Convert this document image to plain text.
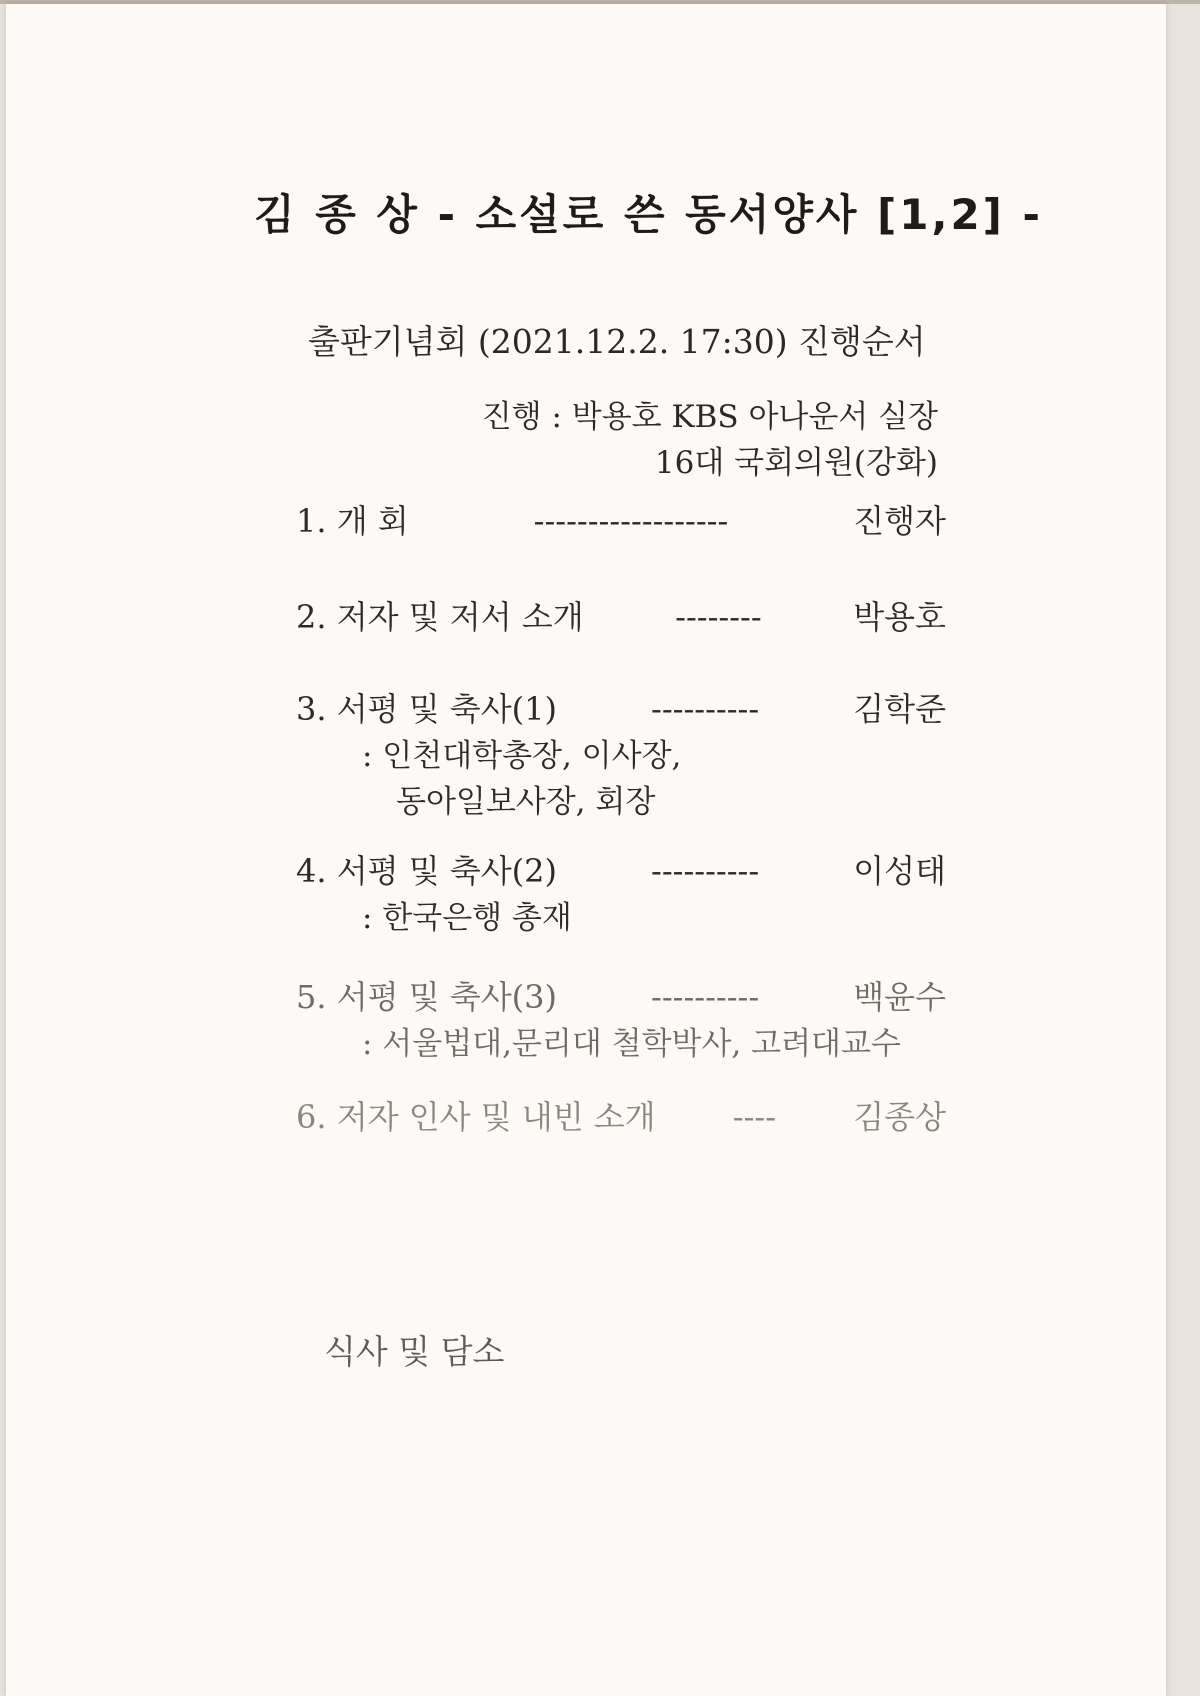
김 종 상 - 소설로 쓴 동서양사 [1,2] -
출판기념회 (2021.12.2. 17:30) 진행순서
진행 : 박용호 KBS 아나운서 실장
16대 국회의원(강화)
1. 개 회	------------------	진행자
2. 저자 및 저서 소개	--------	박용호
3. 서평 및 축사(1)	----------	김학준
: 인천대학총장, 이사장,
동아일보사장, 회장
4. 서평 및 축사(2)	----------	이성태
: 한국은행 총재
5. 서평 및 축사(3)	----------	백윤수
: 서울법대,문리대 철학박사, 고려대교수
6. 저자 인사 및 내빈 소개 ---- 김종상
식사 및 담소
